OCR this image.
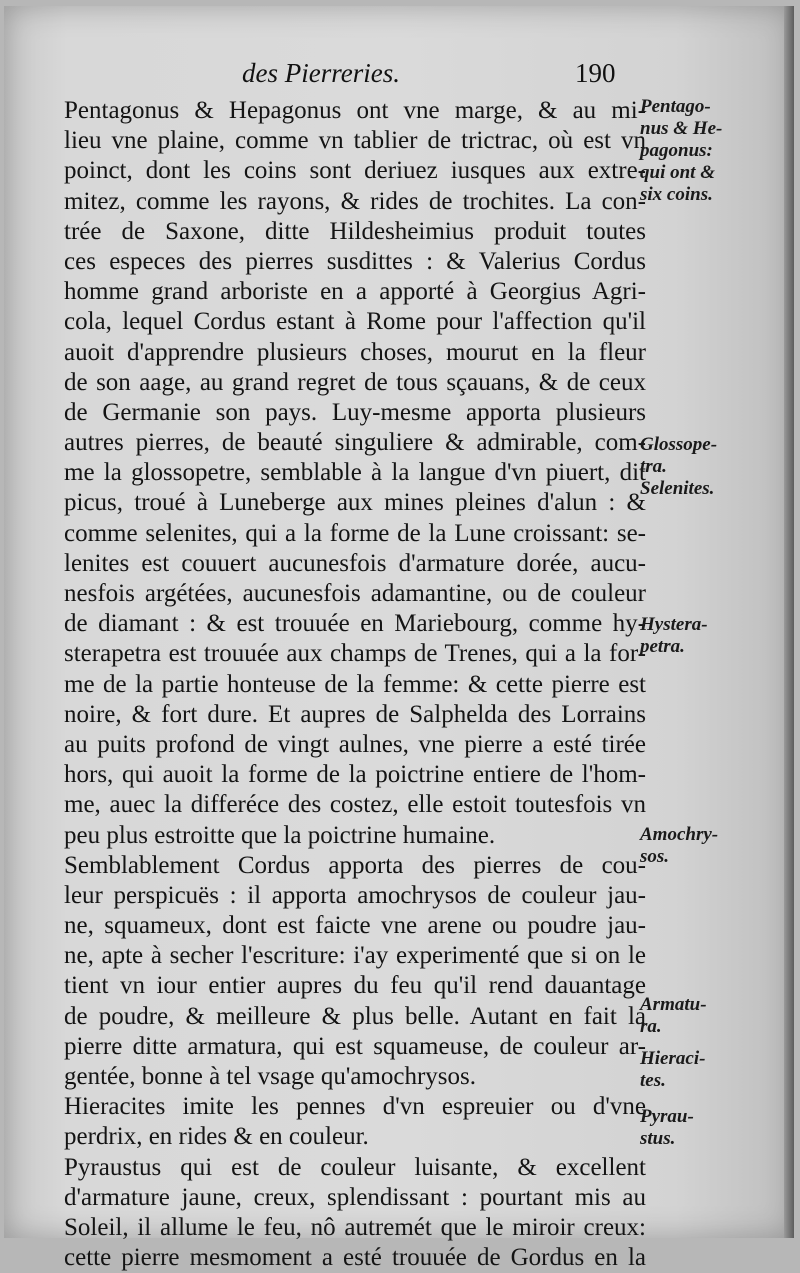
des Pierreries.	190
Pentagonus & Hepagonus ont vne marge, & au mi-
lieu vne plaine, comme vn tablier de trictrac, où est vn
poinct, dont les coins sont deriuez iusques aux extre-
mitez, comme les rayons, & rides de trochites. La con-
trée de Saxone, ditte Hildesheimius produit toutes
ces especes des pierres susdittes : & Valerius Cordus
homme grand arboriste en a apporté à Georgius Agri-
cola, lequel Cordus estant à Rome pour l'affection qu'il
auoit d'apprendre plusieurs choses, mourut en la fleur
de son aage, au grand regret de tous sçauans, & de ceux
de Germanie son pays. Luy-mesme apporta plusieurs
autres pierres, de beauté singuliere & admirable, com-
me la glossopetre, semblable à la langue d'vn piuert, dit
picus, troué à Luneberge aux mines pleines d'alun : &
comme selenites, qui a la forme de la Lune croissant: se-
lenites est couuert aucunesfois d'armature dorée, aucu-
nesfois argétées, aucunesfois adamantine, ou de couleur
de diamant : & est trouuée en Mariebourg, comme hy-
sterapetra est trouuée aux champs de Trenes, qui a la for-
me de la partie honteuse de la femme: & cette pierre est
noire, & fort dure. Et aupres de Salphelda des Lorrains
au puits profond de vingt aulnes, vne pierre a esté tirée
hors, qui auoit la forme de la poictrine entiere de l'hom-
me, auec la differéce des costez, elle estoit toutesfois vn
peu plus estroitte que la poictrine humaine.
Semblablement Cordus apporta des pierres de cou-
leur perspicuës : il apporta amochrysos de couleur jau-
ne, squameux, dont est faicte vne arene ou poudre jau-
ne, apte à secher l'escriture: i'ay experimenté que si on le
tient vn iour entier aupres du feu qu'il rend dauantage
de poudre, & meilleure & plus belle. Autant en fait la
pierre ditte armatura, qui est squameuse, de couleur ar-
gentée, bonne à tel vsage qu'amochrysos.
Hieracites imite les pennes d'vn espreuier ou d'vne
perdrix, en rides & en couleur.
Pyraustus qui est de couleur luisante, & excellent
d'armature jaune, creux, splendissant : pourtant mis au
Soleil, il allume le feu, nô autremét que le miroir creux:
cette pierre mesmoment a esté trouuée de Gordus en la
Pentago-
nus & He-
pagonus:
qui ont &
six coins.
Glossope-
tra.
Selenites.
Hystera-
petra.
Amochry-
sos.
Armatu-
ra.
Hieraci-
tes.
Pyrau-
stus.
